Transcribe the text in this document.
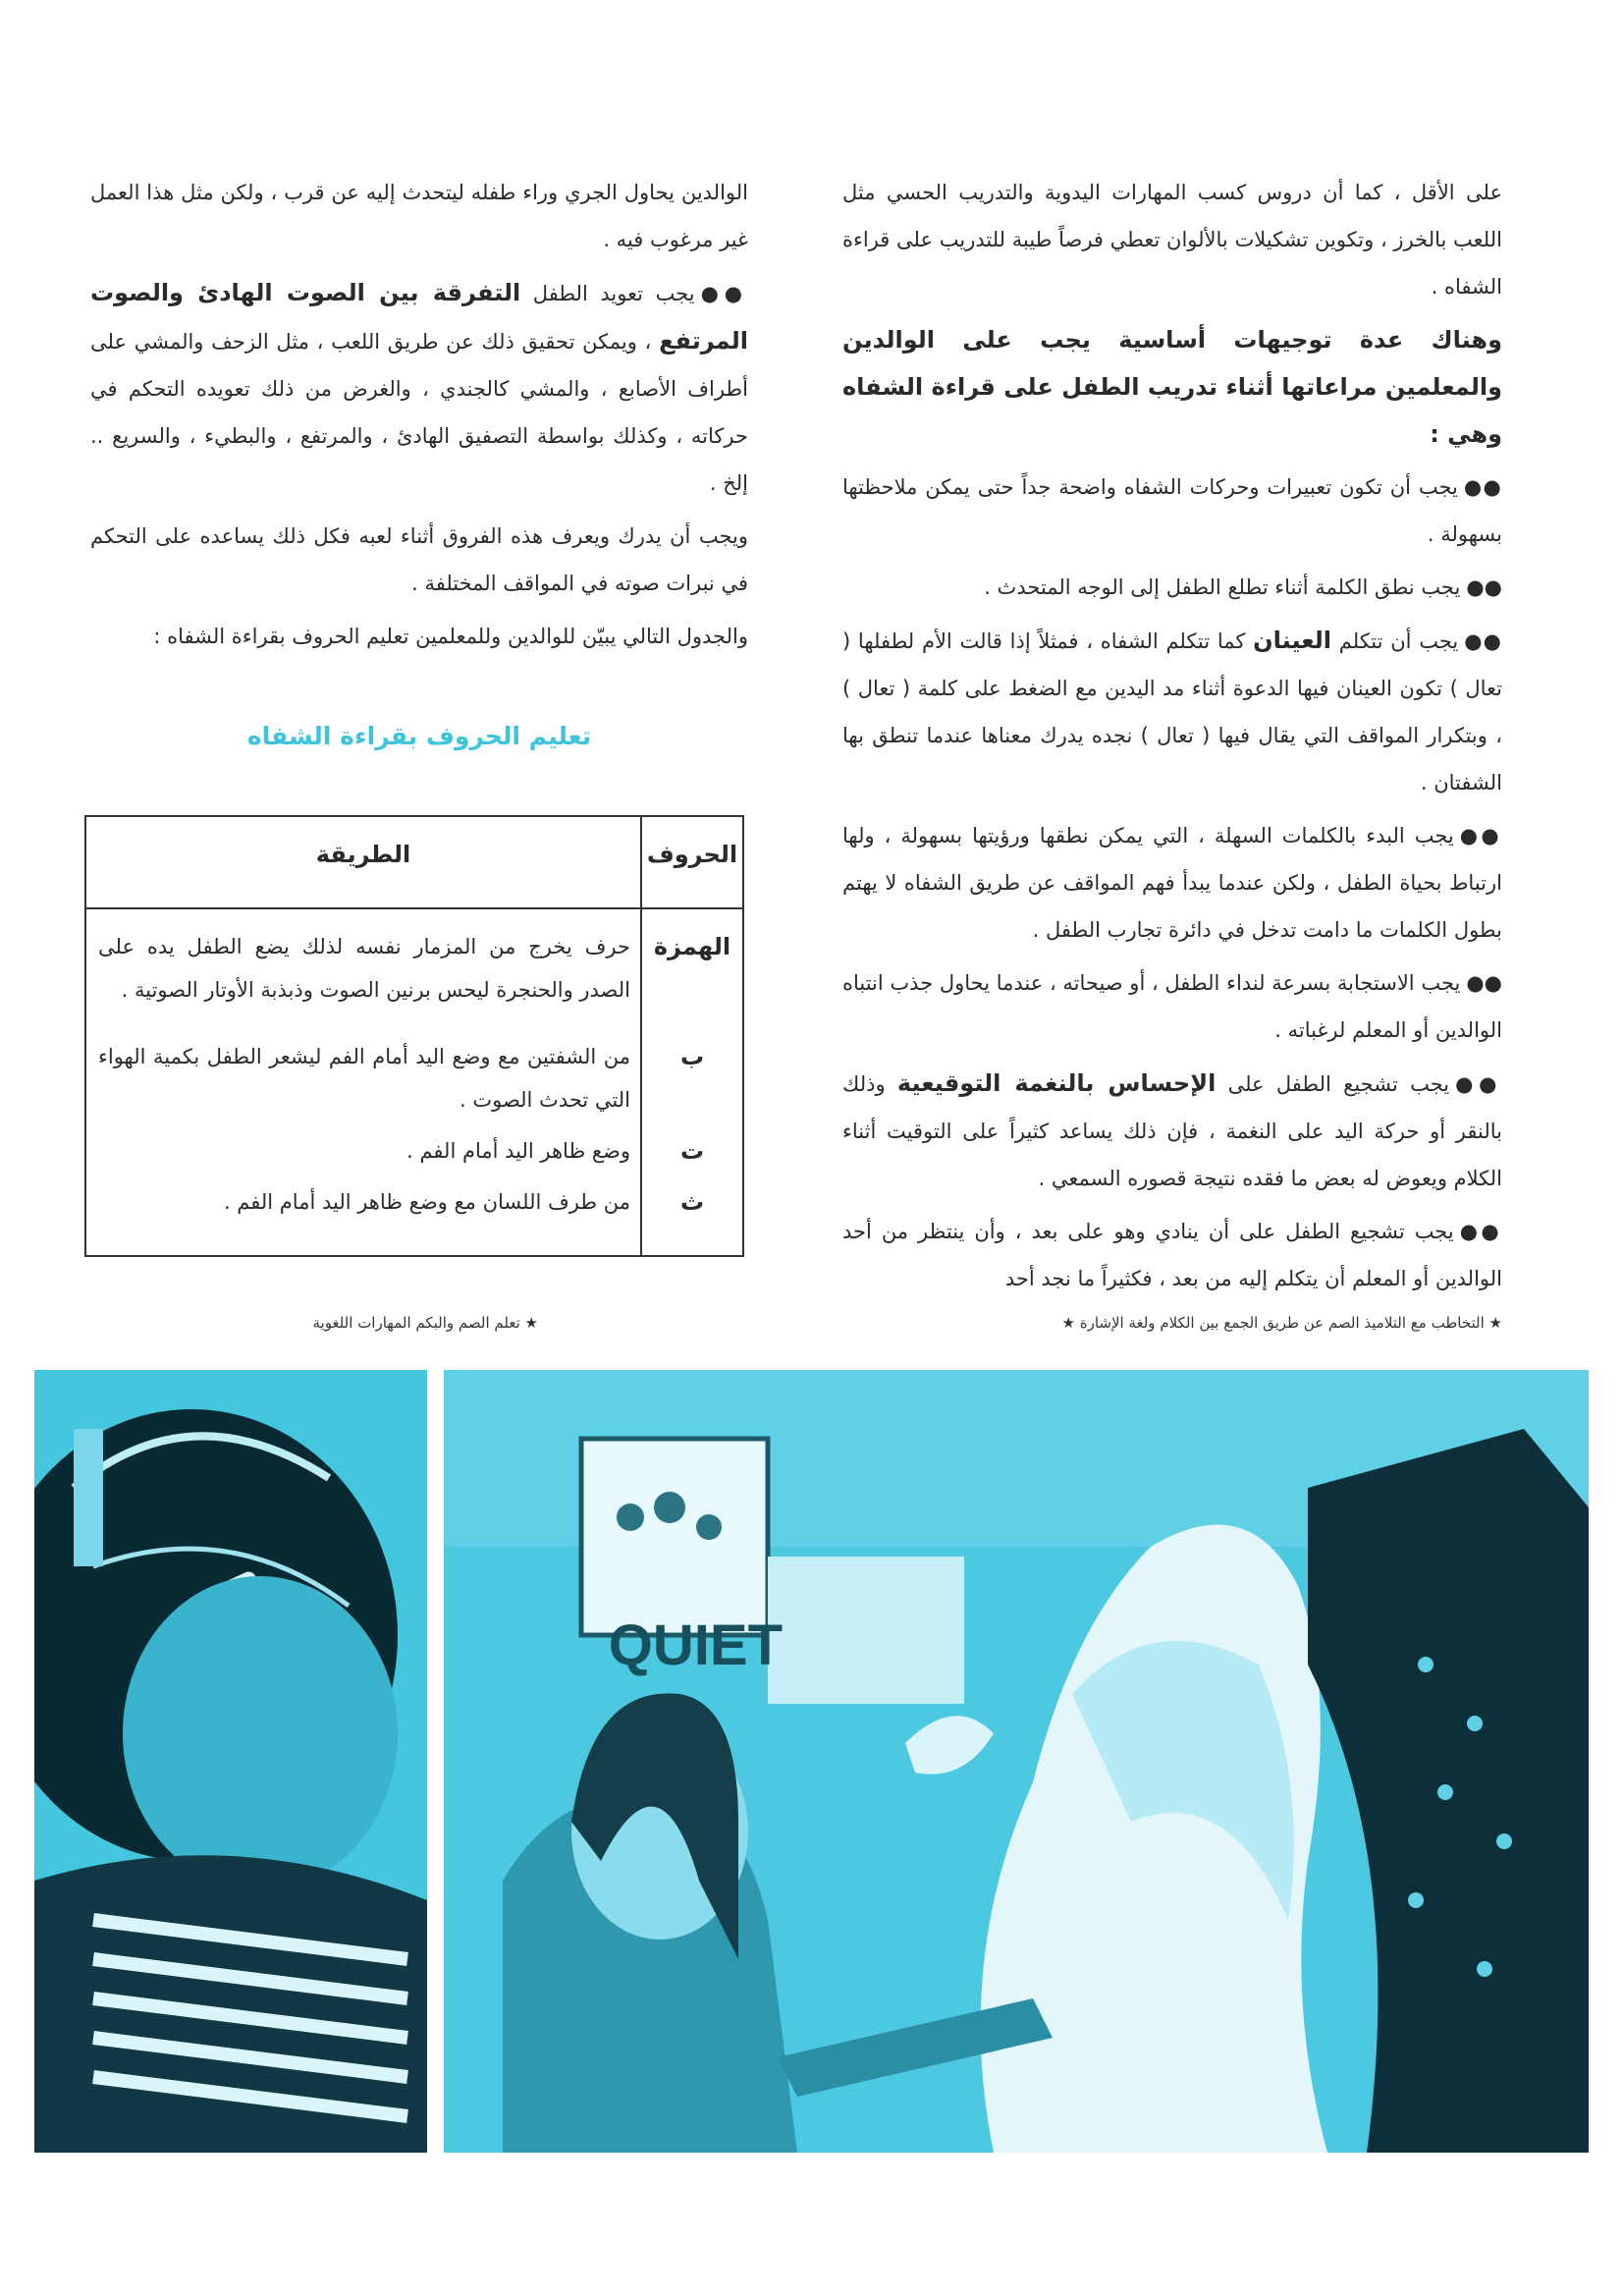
على الأقل ، كما أن دروس كسب المهارات اليدوية والتدريب الحسي مثل اللعب بالخرز ، وتكوين تشكيلات بالألوان تعطي فرصاً طيبة للتدريب على قراءة الشفاه .

وهناك عدة توجيهات أساسية يجب على الوالدين والمعلمين مراعاتها أثناء تدريب الطفل على قراءة الشفاه وهي :

●●يجب أن تكون تعبيرات وحركات الشفاه واضحة جداً حتى يمكن ملاحظتها بسهولة .

●●يجب نطق الكلمة أثناء تطلع الطفل إلى الوجه المتحدث .

●●يجب أن تتكلم العينان كما تتكلم الشفاه ، فمثلاً إذا قالت الأم لطفلها ( تعال ) تكون العينان فيها الدعوة أثناء مد اليدين مع الضغط على كلمة ( تعال ) ، وبتكرار المواقف التي يقال فيها ( تعال ) نجده يدرك معناها عندما تنطق بها الشفتان .

●●يجب البدء بالكلمات السهلة ، التي يمكن نطقها ورؤيتها بسهولة ، ولها ارتباط بحياة الطفل ، ولكن عندما يبدأ فهم المواقف عن طريق الشفاه لا يهتم بطول الكلمات ما دامت تدخل في دائرة تجارب الطفل .

●●يجب الاستجابة بسرعة لنداء الطفل ، أو صيحاته ، عندما يحاول جذب انتباه الوالدين أو المعلم لرغباته .

●●يجب تشجيع الطفل على الإحساس بالنغمة التوقيعية وذلك بالنقر أو حركة اليد على النغمة ، فإن ذلك يساعد كثيراً على التوقيت أثناء الكلام ويعوض له بعض ما فقده نتيجة قصوره السمعي .

●●يجب تشجيع الطفل على أن ينادي وهو على بعد ، وأن ينتظر من أحد الوالدين أو المعلم أن يتكلم إليه من بعد ، فكثيراً ما نجد أحد

الوالدين يحاول الجري وراء طفله ليتحدث إليه عن قرب ، ولكن مثل هذا العمل غير مرغوب فيه .

●●يجب تعويد الطفل التفرقة بين الصوت الهادئ والصوت المرتفع ، ويمكن تحقيق ذلك عن طريق اللعب ، مثل الزحف والمشي على أطراف الأصابع ، والمشي كالجندي ، والغرض من ذلك تعويده التحكم في حركاته ، وكذلك بواسطة التصفيق الهادئ ، والمرتفع ، والبطيء ، والسريع .. إلخ .

ويجب أن يدرك ويعرف هذه الفروق أثناء لعبه فكل ذلك يساعده على التحكم في نبرات صوته في المواقف المختلفة .

والجدول التالي يبيّن للوالدين وللمعلمين تعليم الحروف بقراءة الشفاه :

تعليم الحروف بقراءة الشفاه
الحروف
الطريقة
الهمزة
حرف يخرج من المزمار نفسه لذلك يضع الطفل يده على الصدر والحنجرة ليحس برنين الصوت وذبذبة الأوتار الصوتية .
ب
من الشفتين مع وضع اليد أمام الفم ليشعر الطفل بكمية الهواء التي تحدث الصوت .
ت
وضع ظاهر اليد أمام الفم .
ث
من طرف اللسان مع وضع ظاهر اليد أمام الفم .
★ التخاطب مع التلاميذ الصم عن طريق الجمع بين الكلام ولغة الإشارة ★
★ تعلم الصم والبكم المهارات اللغوية
QUIET
